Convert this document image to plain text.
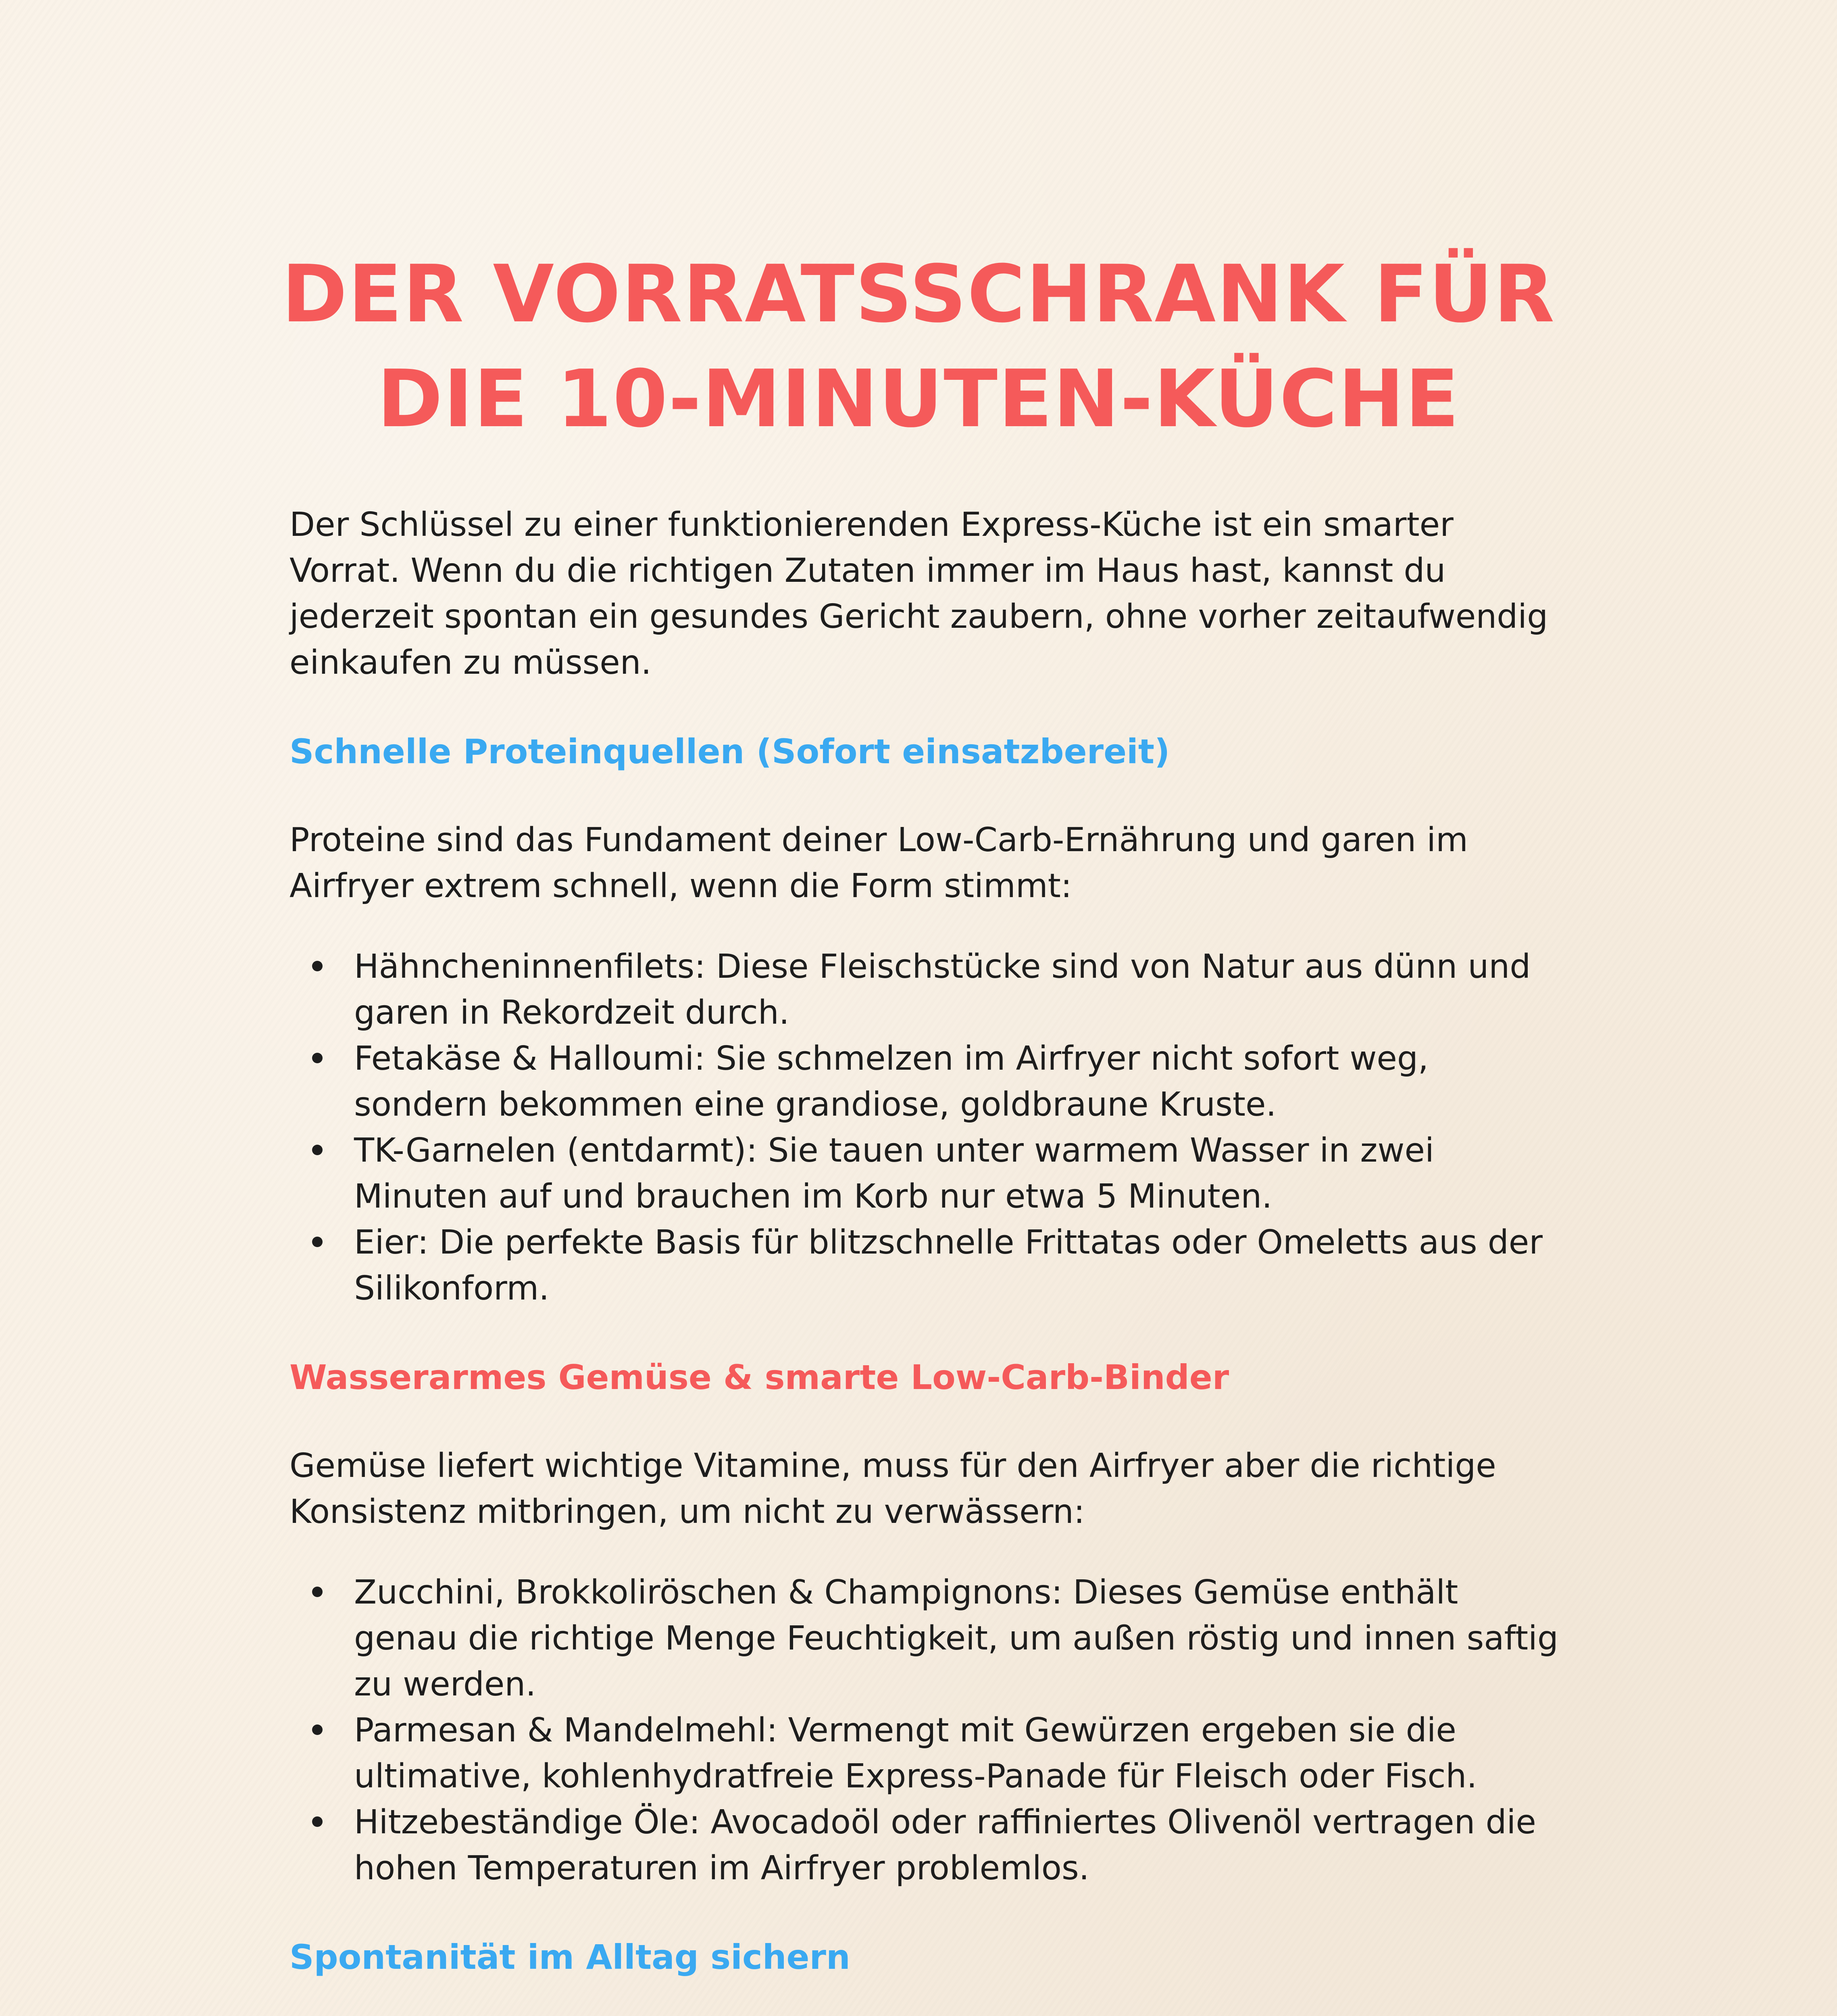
DER VORRATSSCHRANK FÜR DIE 10-MINUTEN-KÜCHE

Der Schlüssel zu einer funktionierenden Express-Küche ist ein smarter Vorrat. Wenn du die richtigen Zutaten immer im Haus hast, kannst du jederzeit spontan ein gesundes Gericht zaubern, ohne vorher zeitaufwendig einkaufen zu müssen.

Schnelle Proteinquellen (Sofort einsatzbereit)

Proteine sind das Fundament deiner Low-Carb-Ernährung und garen im Airfryer extrem schnell, wenn die Form stimmt:

Hähncheninnenfilets: Diese Fleischstücke sind von Natur aus dünn und garen in Rekordzeit durch.
Fetakäse & Halloumi: Sie schmelzen im Airfryer nicht sofort weg, sondern bekommen eine grandiose, goldbraune Kruste.
TK-Garnelen (entdarmt): Sie tauen unter warmem Wasser in zwei Minuten auf und brauchen im Korb nur etwa 5 Minuten.
Eier: Die perfekte Basis für blitzschnelle Frittatas oder Omeletts aus der Silikonform.
Wasserarmes Gemüse & smarte Low-Carb-Binder

Gemüse liefert wichtige Vitamine, muss für den Airfryer aber die richtige Konsistenz mitbringen, um nicht zu verwässern:

Zucchini, Brokkoliröschen & Champignons: Dieses Gemüse enthält genau die richtige Menge Feuchtigkeit, um außen röstig und innen saftig zu werden.
Parmesan & Mandelmehl: Vermengt mit Gewürzen ergeben sie die ultimative, kohlenhydratfreie Express-Panade für Fleisch oder Fisch.
Hitzebeständige Öle: Avocadoöl oder raffiniertes Olivenöl vertragen die hohen Temperaturen im Airfryer problemlos.
Spontanität im Alltag sichern
